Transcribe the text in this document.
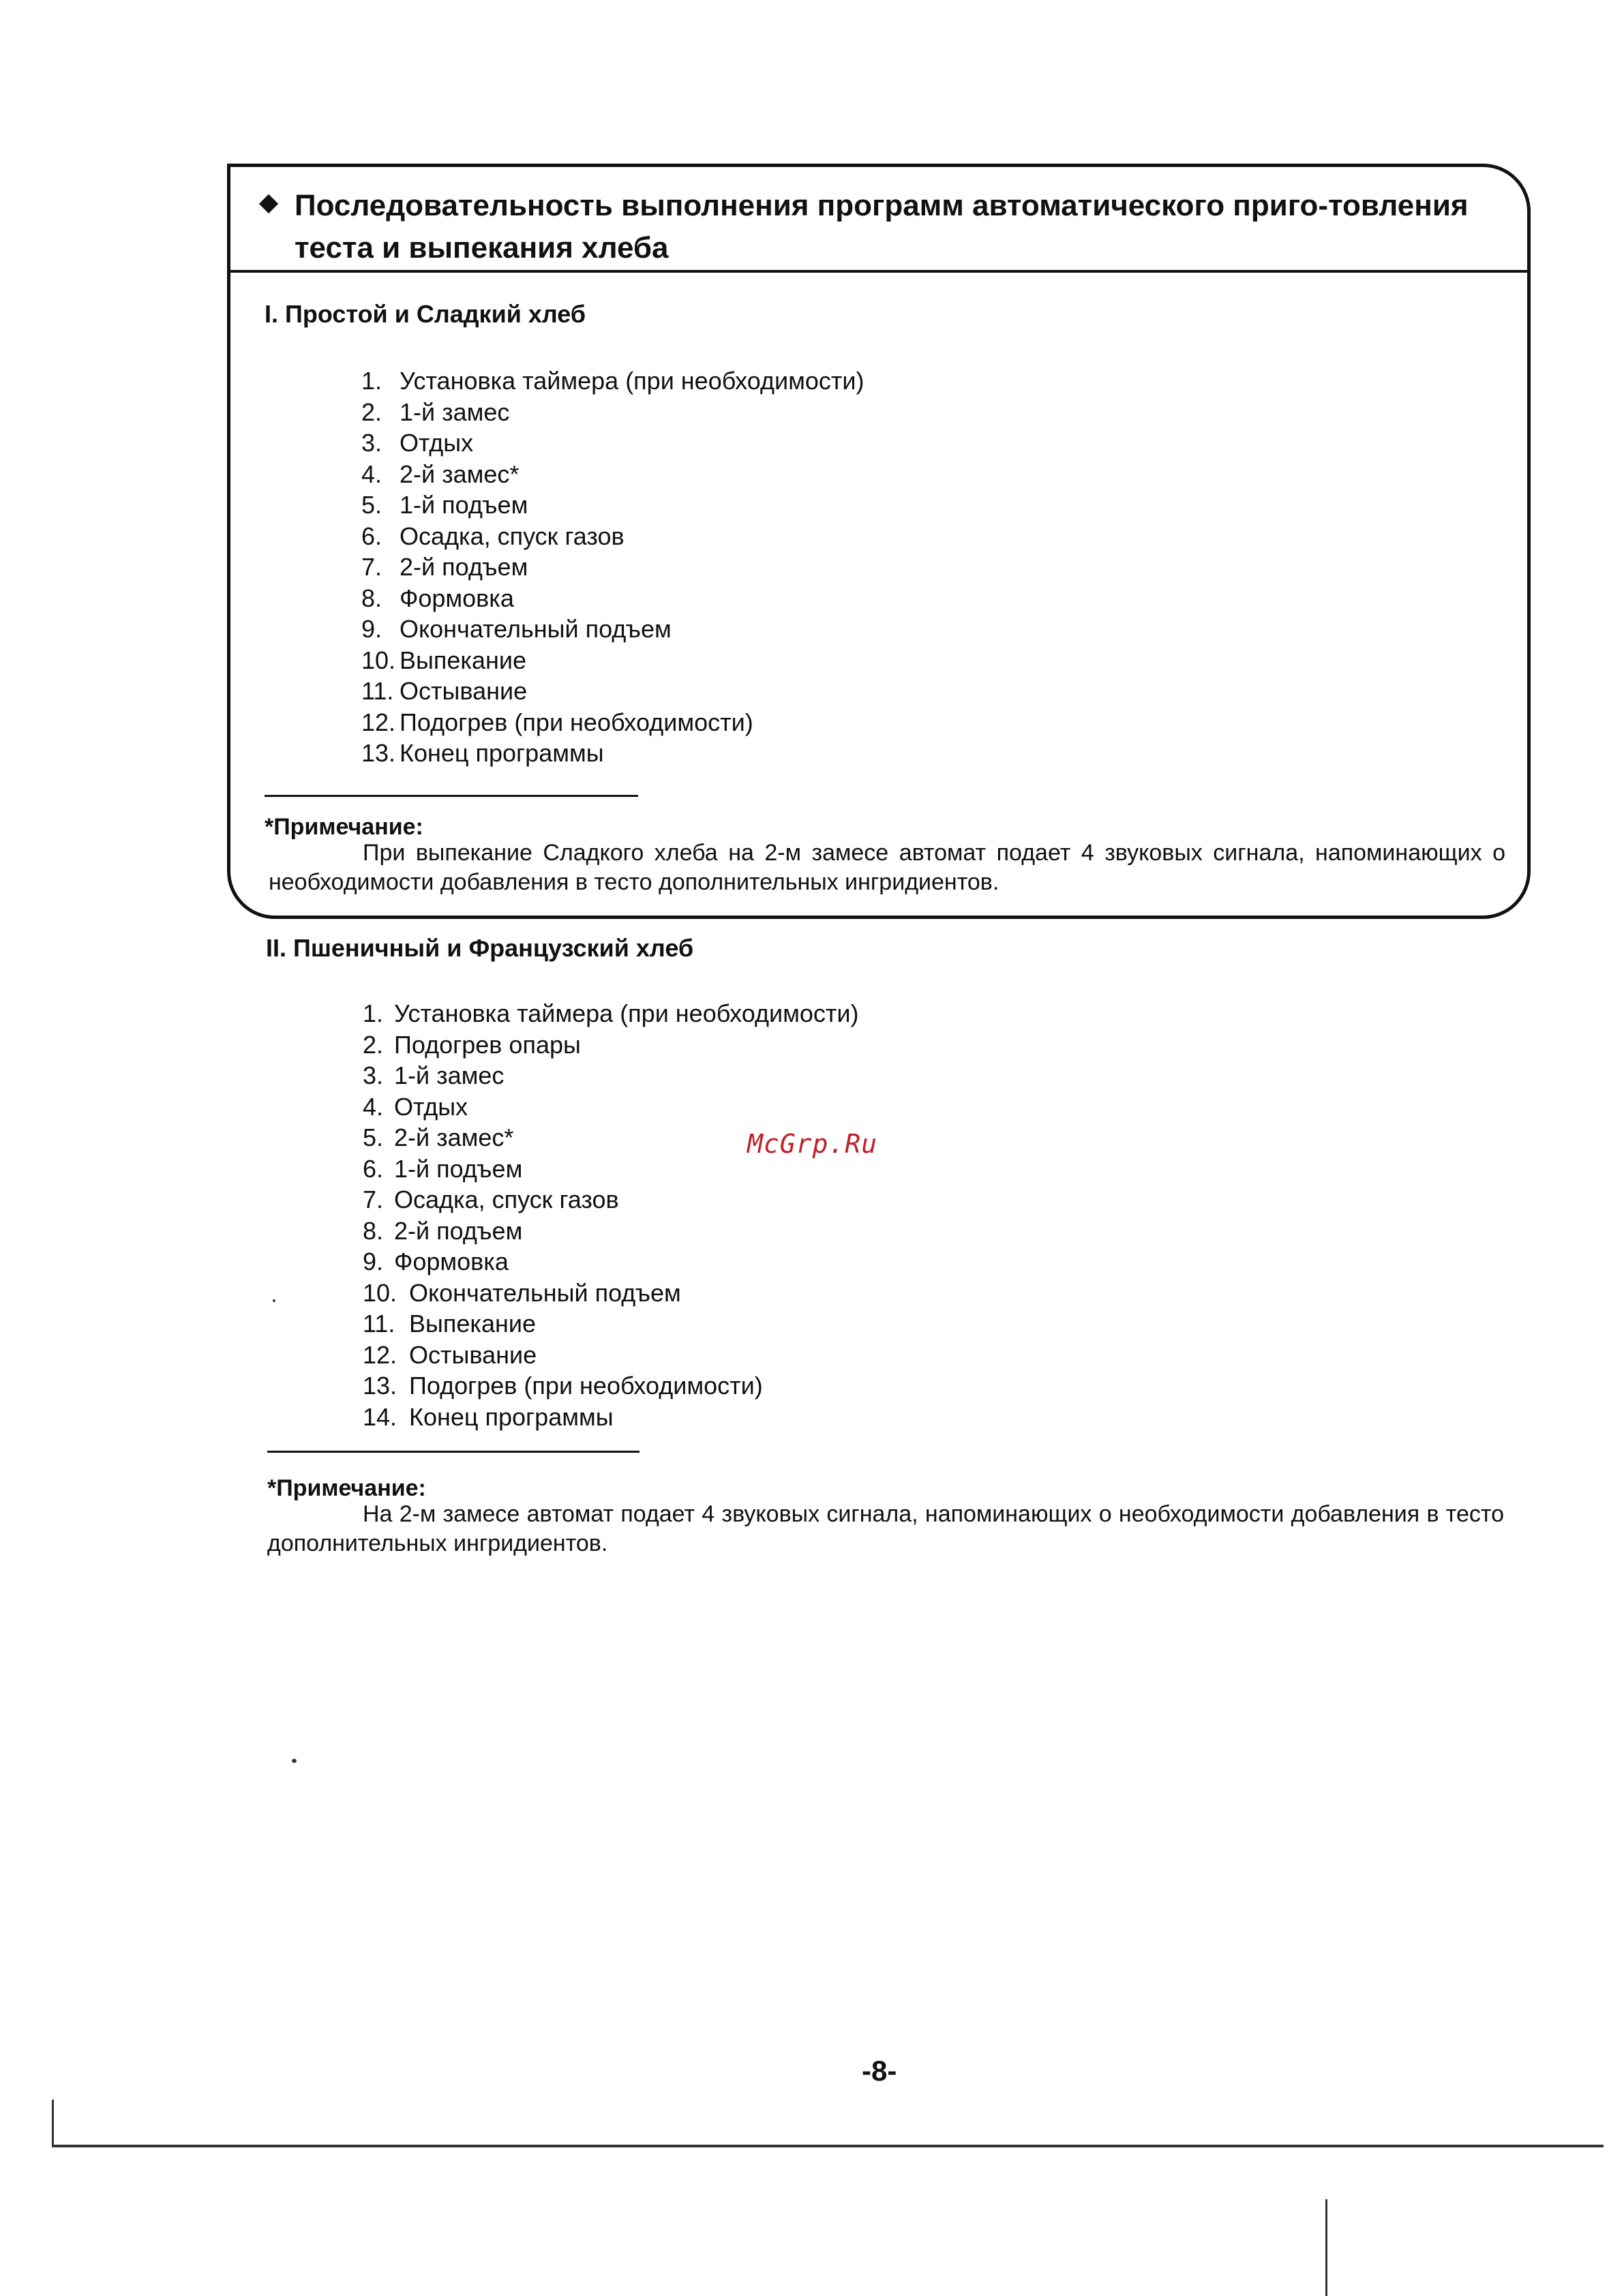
Последовательность выполнения программ автоматического приго-товления теста и выпекания хлеба
I. Простой и Сладкий хлеб
1. Установка таймера (при необходимости)
2. 1-й замес
3. Отдых
4. 2-й замес*
5. 1-й подъем
6. Осадка, спуск газов
7. 2-й подъем
8. Формовка
9. Окончательный подъем
10. Выпекание
11. Остывание
12. Подогрев (при необходимости)
13. Конец программы
*Примечание:
При выпекание Сладкого хлеба на 2-м замесе автомат подает 4 звуковых сигнала, напоминающих о необходимости добавления в тесто дополнительных ингридиентов.
II. Пшеничный и Французский хлеб
1. Установка таймера (при необходимости)
2. Подогрев опары
3. 1-й замес
4. Отдых
5. 2-й замес*
6. 1-й подъем
7. Осадка, спуск газов
8. 2-й подъем
9. Формовка
10. Окончательный подъем
11. Выпекание
12. Остывание
13. Подогрев (при необходимости)
14. Конец программы
*Примечание:
На 2-м замесе автомат подает 4 звуковых сигнала, напоминающих о необходимости добавления в тесто дополнительных ингридиентов.
McGrp.Ru
-8-
